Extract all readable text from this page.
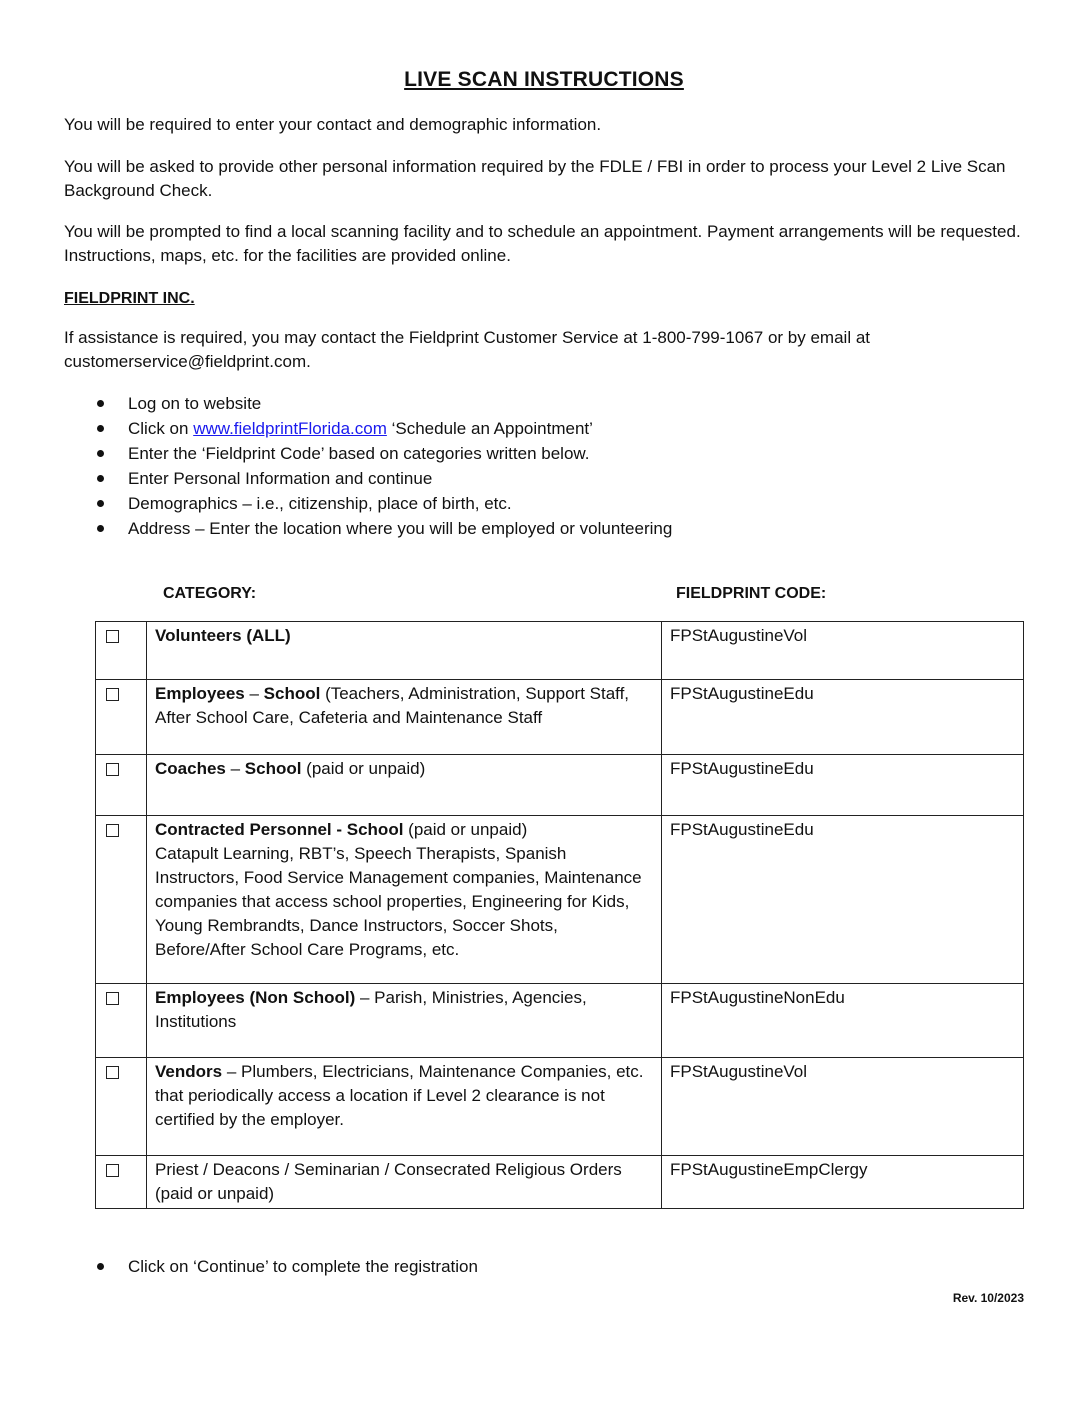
LIVE SCAN INSTRUCTIONS

You will be required to enter your contact and demographic information.

You will be asked to provide other personal information required by the FDLE / FBI in order to process your Level 2 Live Scan Background Check.

You will be prompted to find a local scanning facility and to schedule an appointment. Payment arrangements will be requested. Instructions, maps, etc. for the facilities are provided online.

FIELDPRINT INC.

If assistance is required, you may contact the Fieldprint Customer Service at 1-800-799-1067 or by email at customerservice@fieldprint.com.

Log on to website
Click on www.fieldprintFlorida.com ‘Schedule an Appointment’
Enter the ‘Fieldprint Code’ based on categories written below.
Enter Personal Information and continue
Demographics – i.e., citizenship, place of birth, etc.
Address – Enter the location where you will be employed or volunteering
CATEGORY:	FIELDPRINT CODE:
	Volunteers (ALL)	FPStAugustineVol
	Employees – School (Teachers, Administration, Support Staff, After School Care, Cafeteria and Maintenance Staff	FPStAugustineEdu
	Coaches – School (paid or unpaid)	FPStAugustineEdu
	Contracted Personnel - School (paid or unpaid)
Catapult Learning, RBT’s, Speech Therapists, Spanish Instructors, Food Service Management companies, Maintenance companies that access school properties, Engineering for Kids, Young Rembrandts, Dance Instructors, Soccer Shots, Before/After School Care Programs, etc.	FPStAugustineEdu
	Employees (Non School) – Parish, Ministries, Agencies, Institutions	FPStAugustineNonEdu
	Vendors – Plumbers, Electricians, Maintenance Companies, etc. that periodically access a location if Level 2 clearance is not certified by the employer.	FPStAugustineVol
	Priest / Deacons / Seminarian / Consecrated Religious Orders (paid or unpaid)	FPStAugustineEmpClergy
Click on ‘Continue’ to complete the registration
Rev. 10/2023
